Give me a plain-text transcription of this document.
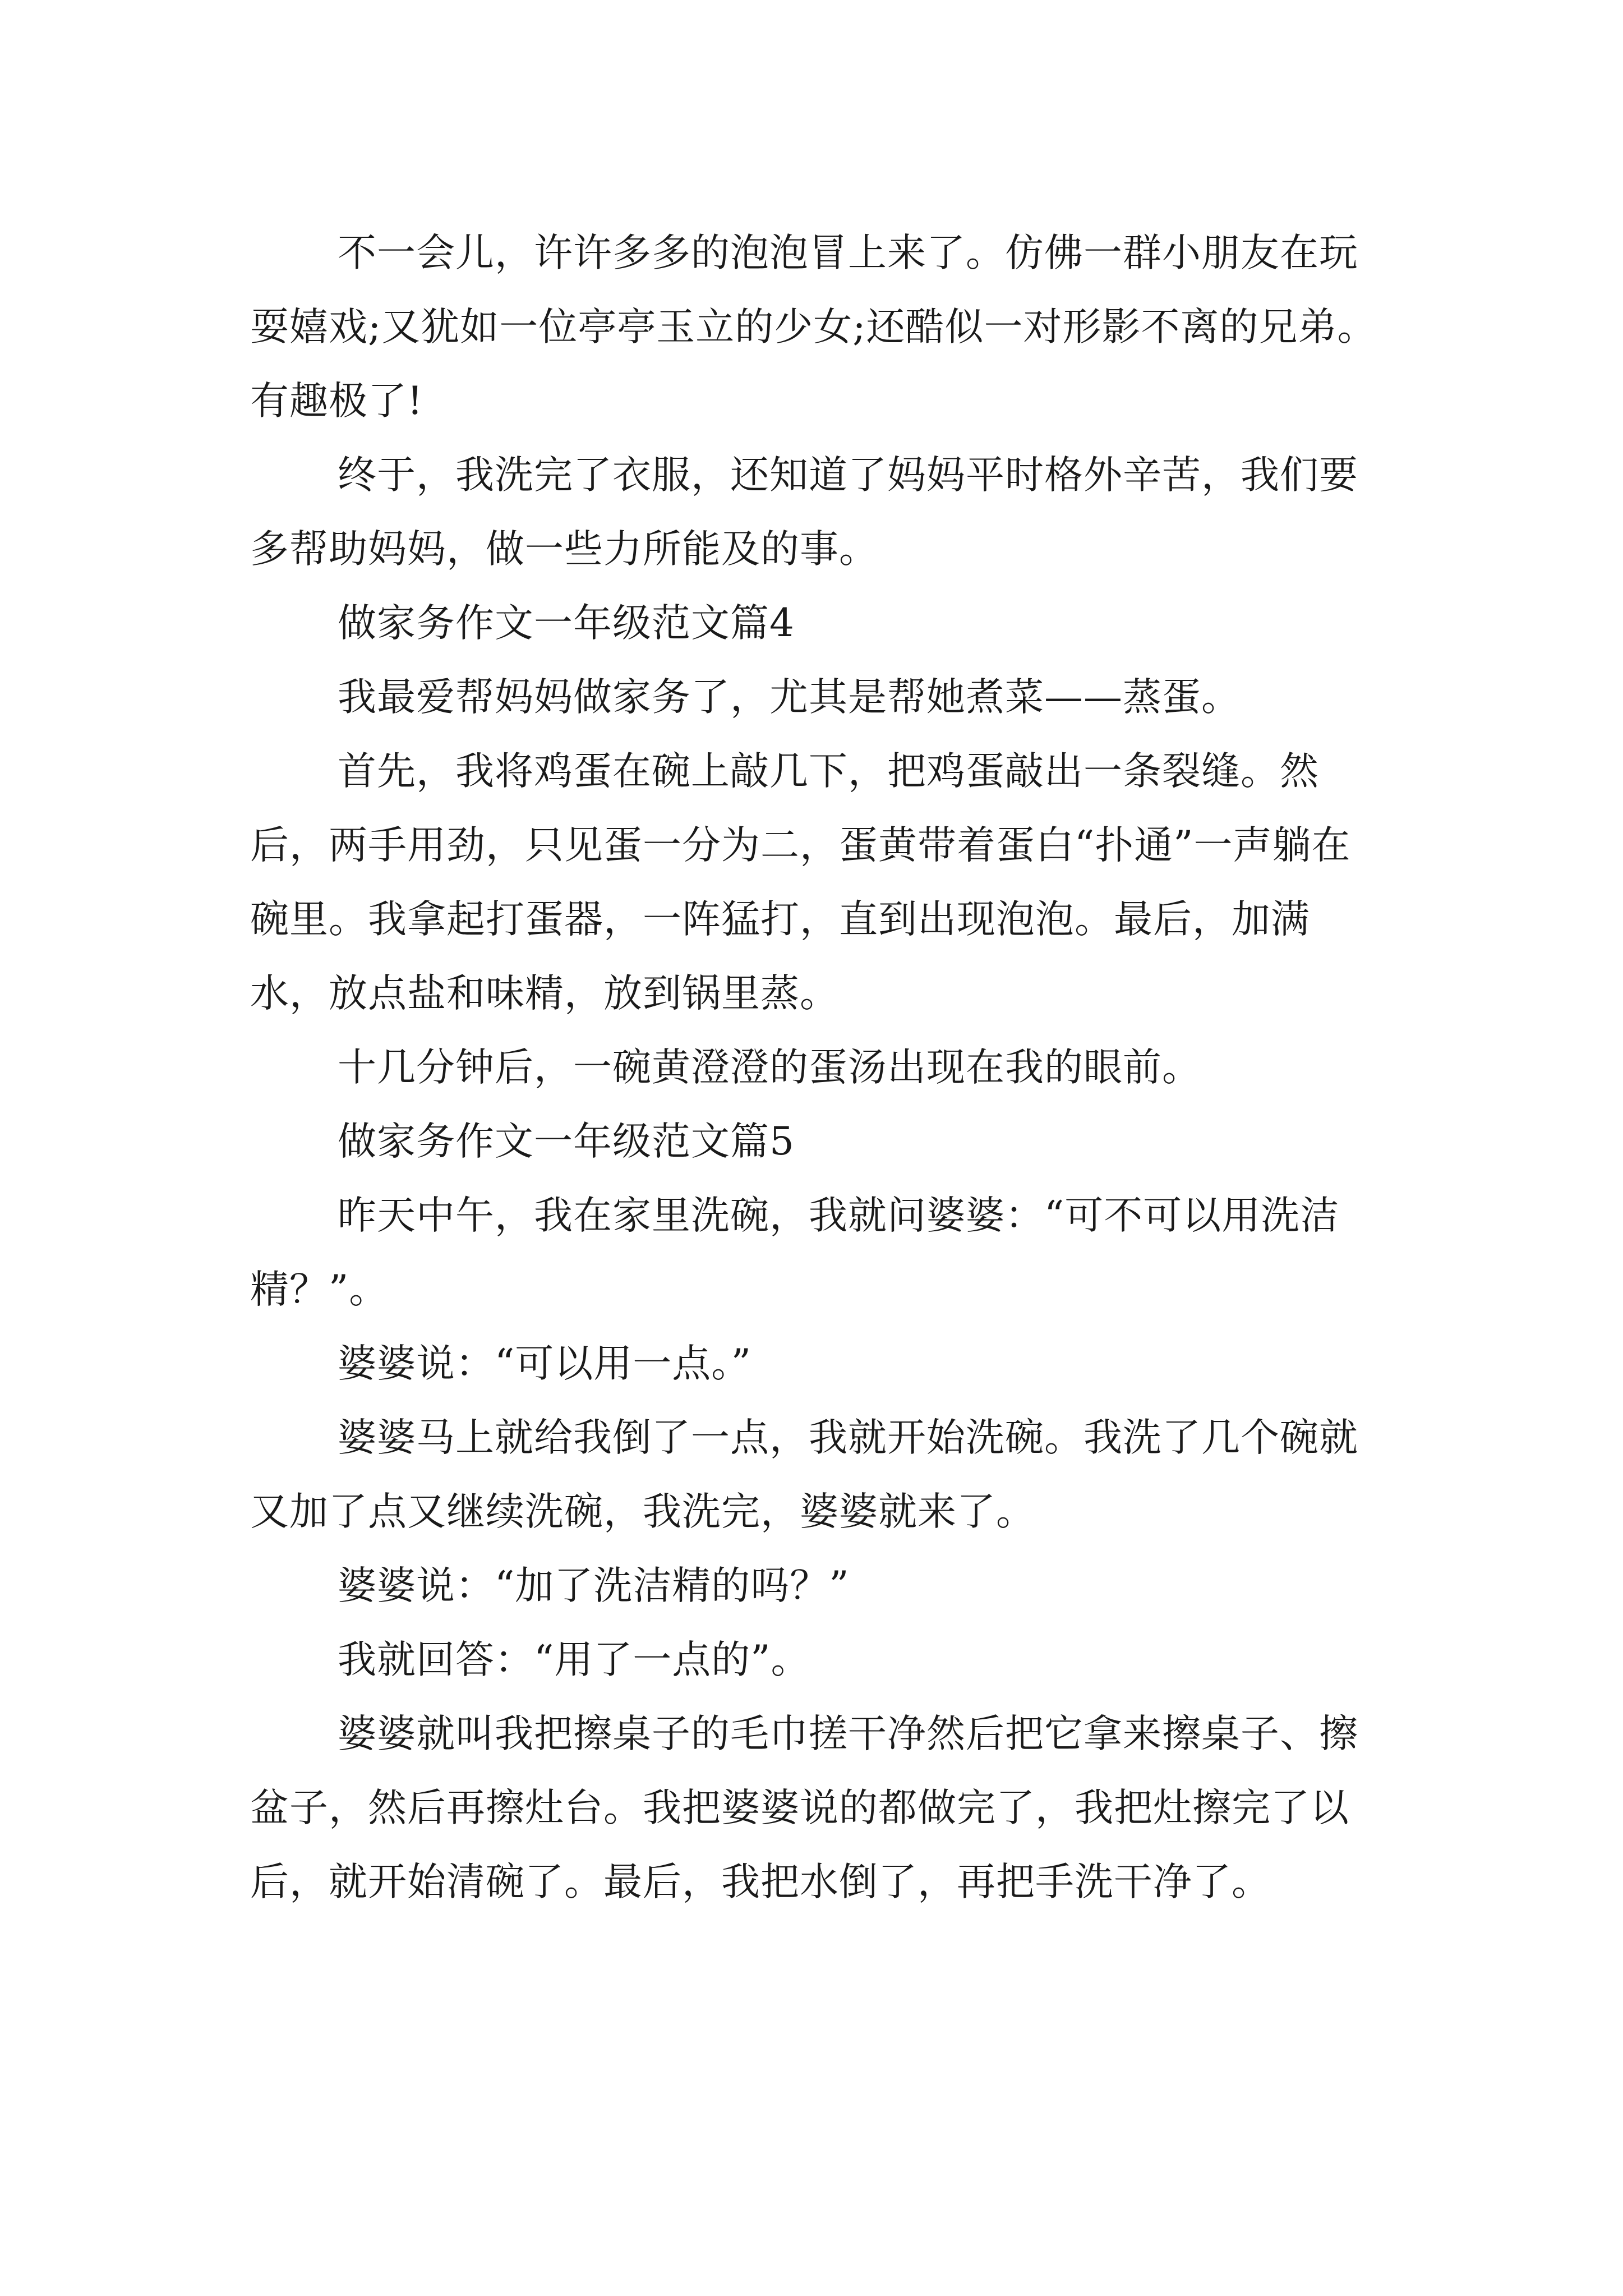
不一会儿，许许多多的泡泡冒上来了。仿佛一群小朋友在玩耍嬉戏;又犹如一位亭亭玉立的少女;还酷似一对形影不离的兄弟。有趣极了!

终于，我洗完了衣服，还知道了妈妈平时格外辛苦，我们要多帮助妈妈，做一些力所能及的事。

做家务作文一年级范文篇4

我最爱帮妈妈做家务了，尤其是帮她煮菜——蒸蛋。

首先，我将鸡蛋在碗上敲几下，把鸡蛋敲出一条裂缝。然后，两手用劲，只见蛋一分为二，蛋黄带着蛋白“扑通”一声躺在碗里。我拿起打蛋器，一阵猛打，直到出现泡泡。最后，加满水，放点盐和味精，放到锅里蒸。

十几分钟后，一碗黄澄澄的蛋汤出现在我的眼前。

做家务作文一年级范文篇5

昨天中午，我在家里洗碗，我就问婆婆：“可不可以用洗洁精？”。

婆婆说：“可以用一点。”

婆婆马上就给我倒了一点，我就开始洗碗。我洗了几个碗就又加了点又继续洗碗，我洗完，婆婆就来了。

婆婆说：“加了洗洁精的吗？”

我就回答：“用了一点的”。

婆婆就叫我把擦桌子的毛巾搓干净然后把它拿来擦桌子、擦盆子，然后再擦灶台。我把婆婆说的都做完了，我把灶擦完了以后，就开始清碗了。最后，我把水倒了，再把手洗干净了。
